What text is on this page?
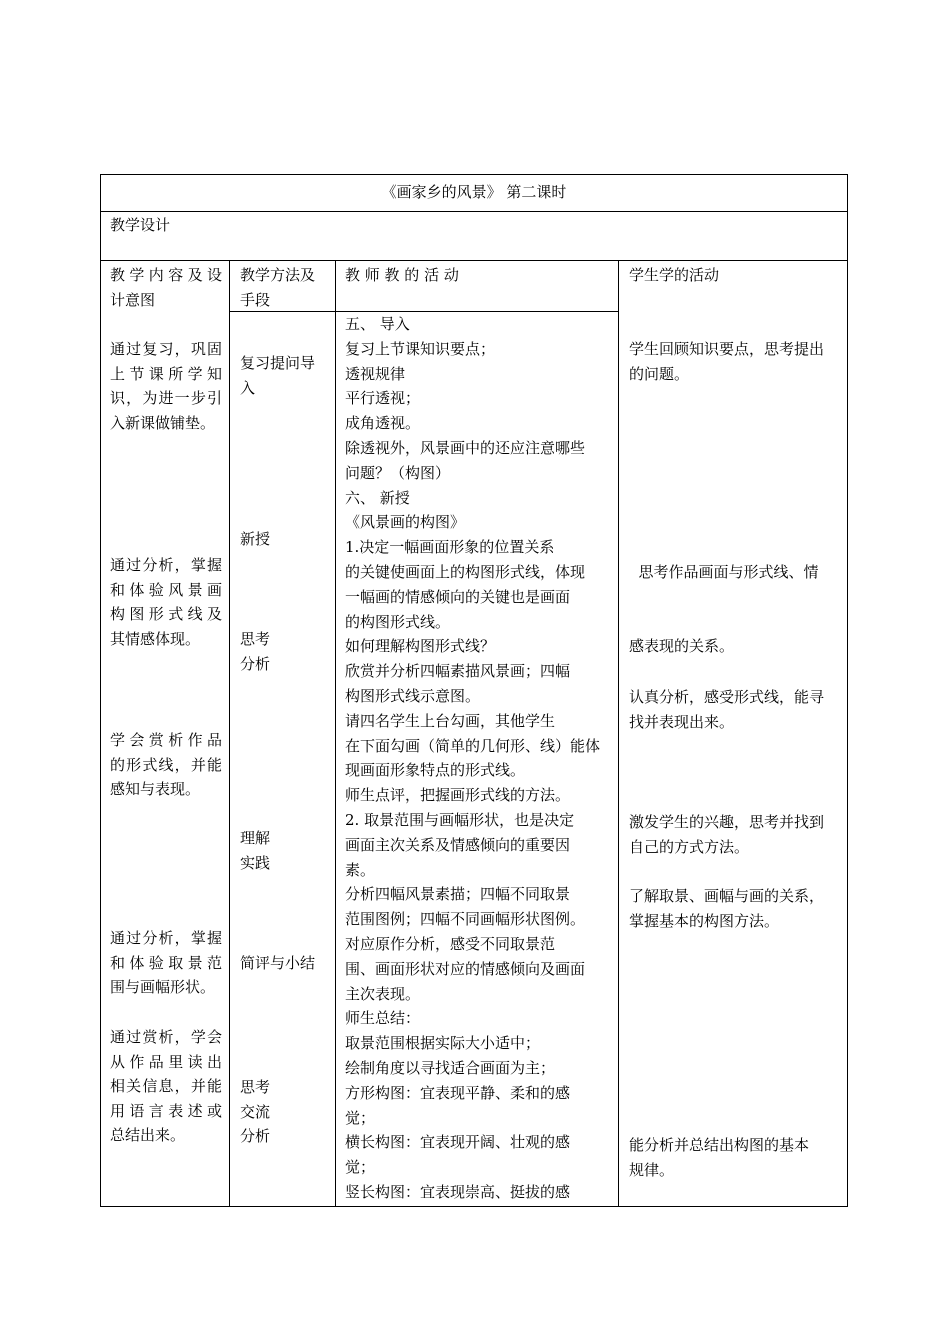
《画家乡的风景》 第二课时
教学设计
教学内容及设
计意图
教学方法及
手段
教 师 教 的 活 动	学生学的活动
通过复习，巩固
上节课所学知
识，为进一步引
入新课做铺垫。
通过分析，掌握
和体验风景画
构图形式线及
其情感体现。
学会赏析作品
的形式线，并能
感知与表现。
通过分析，掌握
和体验取景范
围与画幅形状。
通过赏析，学会
从作品里读出
相关信息，并能
用语言表述或
总结出来。
复习提问导
入
新授
思考
分析
理解
实践
简评与小结
思考
交流
分析
五、 导入
复习上节课知识要点；
透视规律
平行透视；
成角透视。
除透视外，风景画中的还应注意哪些
问题？（构图）
六、 新授
《风景画的构图》
1.决定一幅画面形象的位置关系
的关键使画面上的构图形式线，体现
一幅画的情感倾向的关键也是画面
的构图形式线。
如何理解构图形式线？
欣赏并分析四幅素描风景画；四幅
构图形式线示意图。
请四名学生上台勾画，其他学生
在下面勾画（简单的几何形、线）能体
现画面形象特点的形式线。
师生点评，把握画形式线的方法。
2. 取景范围与画幅形状，也是决定
画面主次关系及情感倾向的重要因
素。
分析四幅风景素描；四幅不同取景
范围图例；四幅不同画幅形状图例。
对应原作分析，感受不同取景范
围、画面形状对应的情感倾向及画面
主次表现。
师生总结：
取景范围根据实际大小适中；
绘制角度以寻找适合画面为主；
方形构图：宜表现平静、柔和的感
觉；
横长构图：宜表现开阔、壮观的感
觉；
竖长构图：宜表现崇高、挺拔的感
学生回顾知识要点，思考提出
的问题。

思考作品画面与形式线、情

感表现的关系。

认真分析，感受形式线，能寻
找并表现出来。
激发学生的兴趣，思考并找到
自己的方式方法。
了解取景、画幅与画的关系，
掌握基本的构图方法。
能分析并总结出构图的基本
规律。
